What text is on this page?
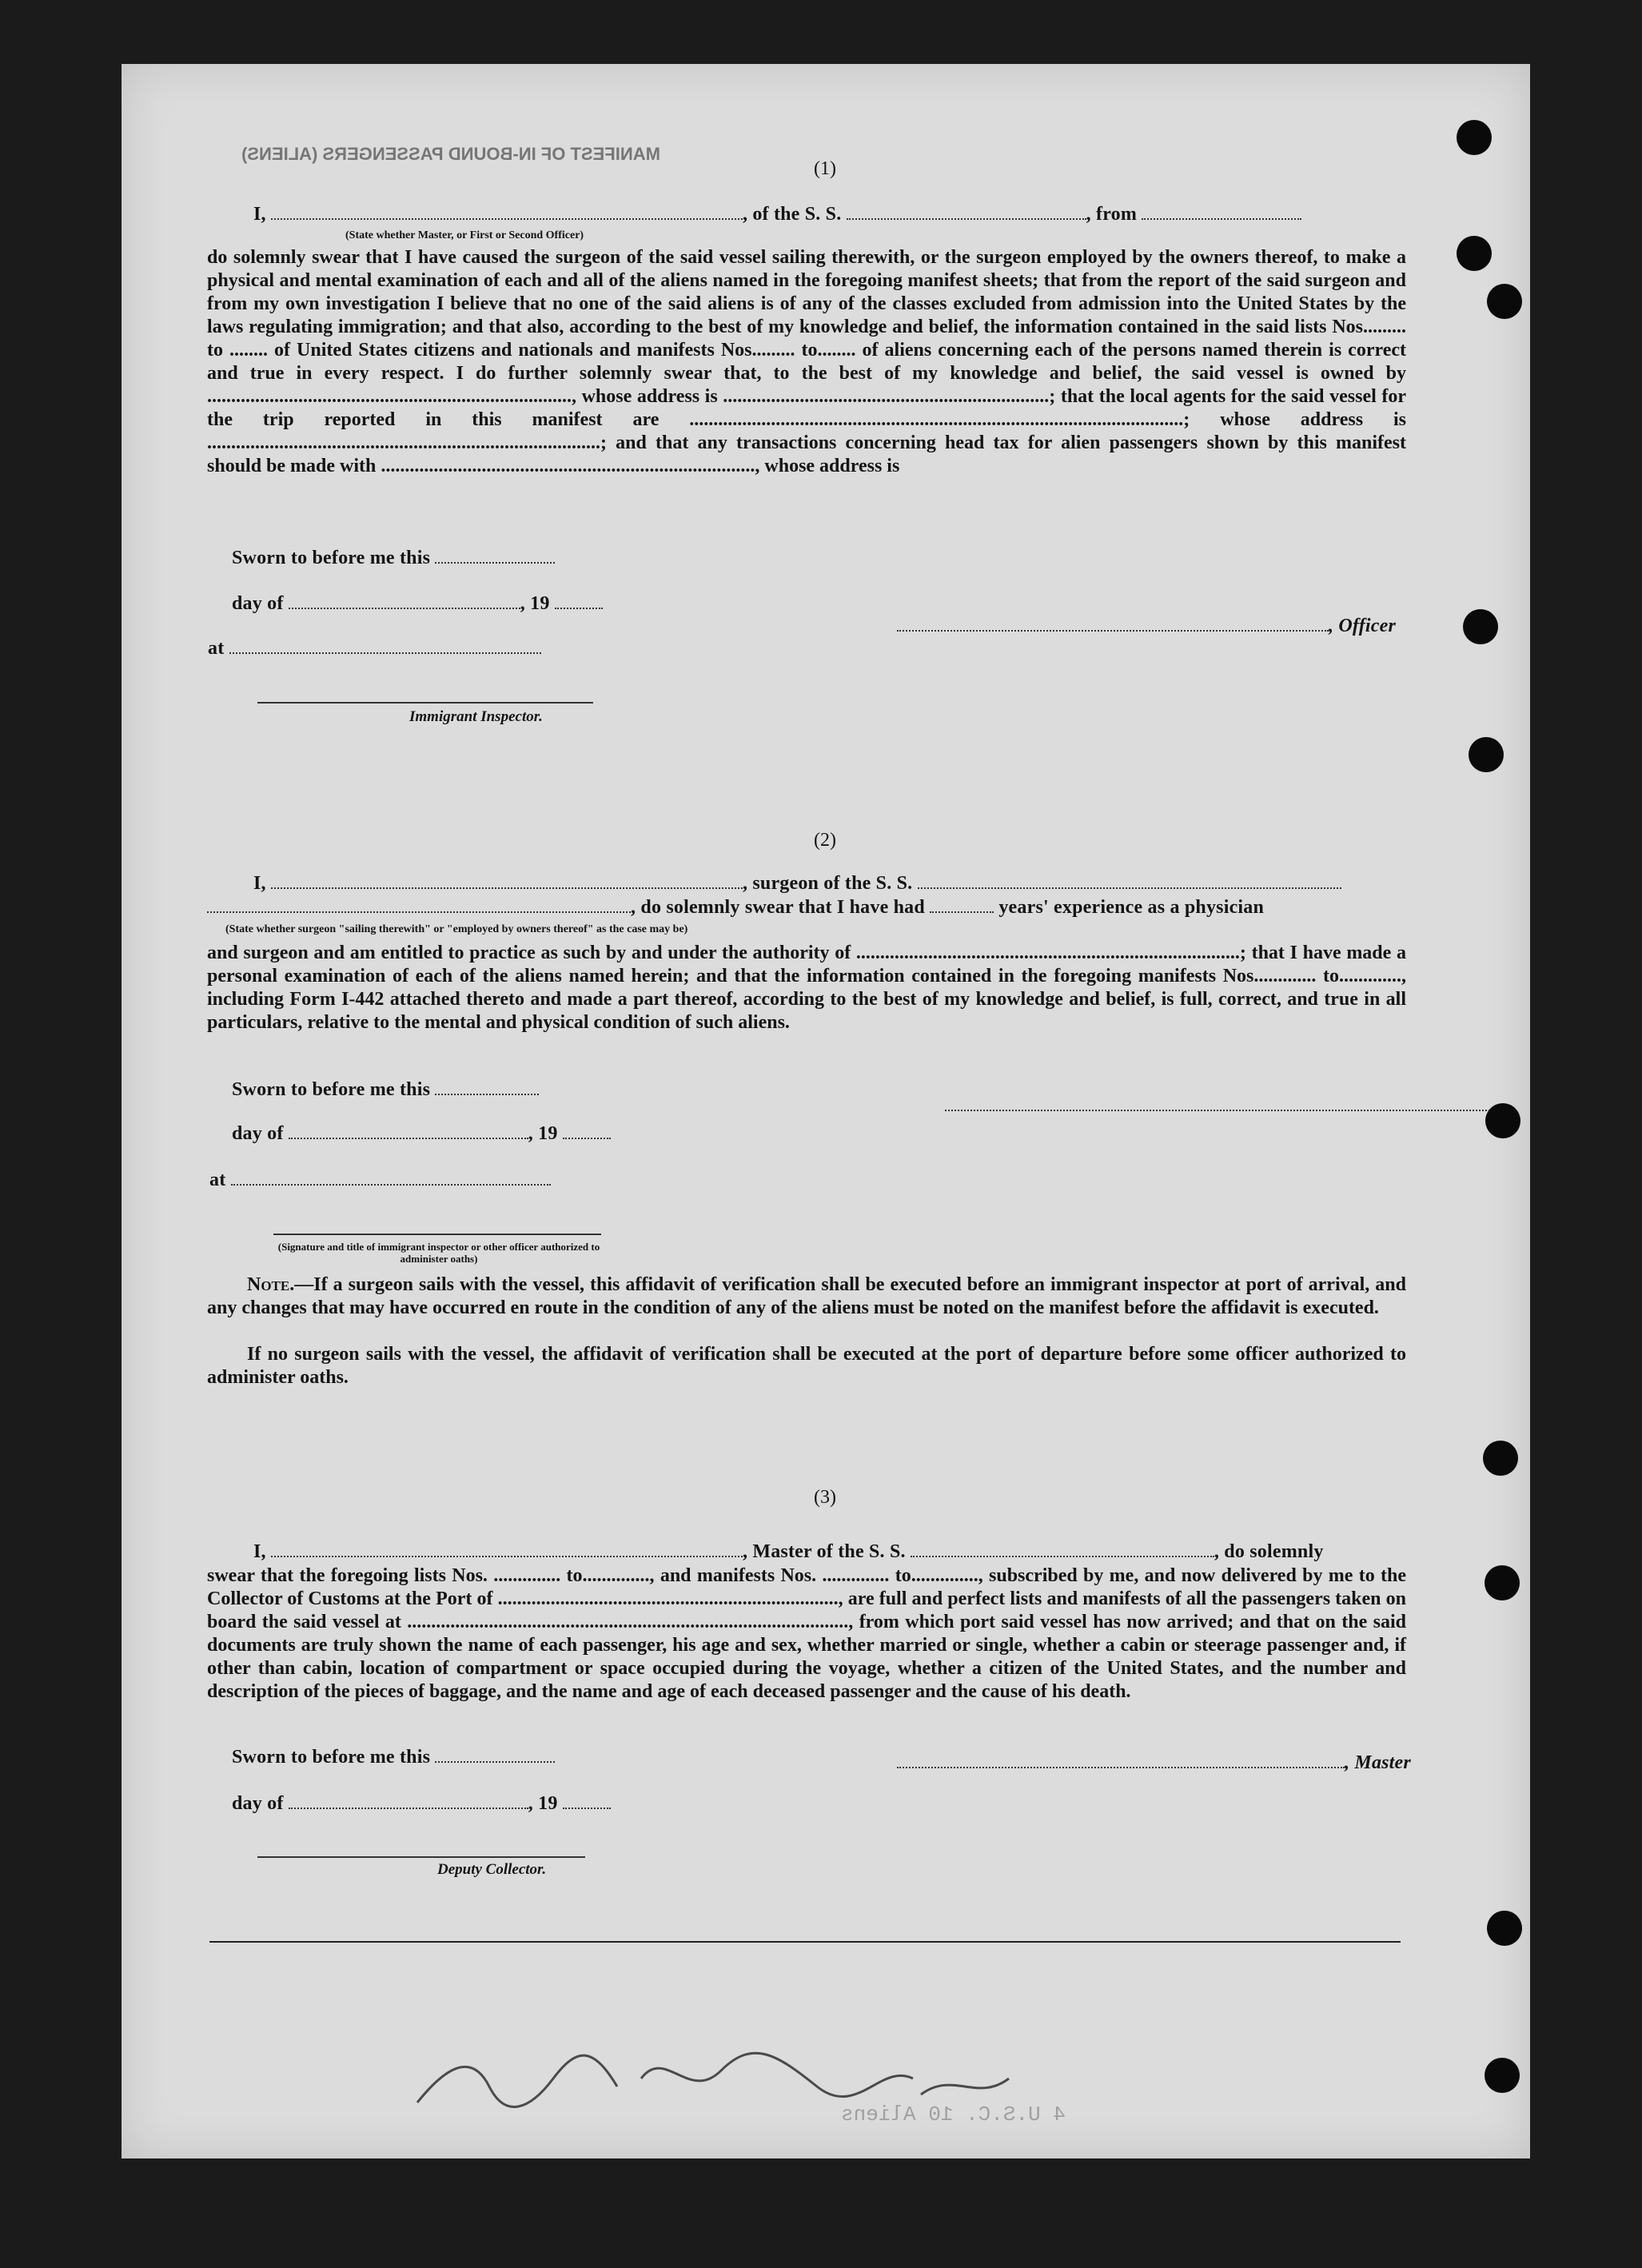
MANIFEST OF IN-BOUND PASSENGERS (ALIENS)
(1)
I,	, of the S. S.	, from
(State whether Master, or First or Second Officer)
do solemnly swear that I have caused the surgeon of the said vessel sailing therewith, or the surgeon employed by the owners thereof, to make a physical and mental examination of each and all of the aliens named in the foregoing manifest sheets; that from the report of the said surgeon and from my own investigation I believe that no one of the said aliens is of any of the classes excluded from admission into the United States by the laws regulating immigration; and that also, according to the best of my knowledge and belief, the information contained in the said lists Nos......... to ........ of United States citizens and nationals and manifests Nos......... to........ of aliens concerning each of the persons named therein is correct and true in every respect. I do further solemnly swear that, to the best of my knowledge and belief, the said vessel is owned by ............................................................................, whose address is ....................................................................; that the local agents for the said vessel for the trip reported in this manifest are .......................................................................................................; whose address is ..................................................................................; and that any transactions concerning head tax for alien passengers shown by this manifest should be made with .............................................................................., whose address is
Sworn to before me this
day of	, 19
at
, Officer
Immigrant Inspector.
(2)
I,	, surgeon of the S. S.
, do solemnly swear that I have had	years' experience as a physician
(State whether surgeon "sailing therewith" or "employed by owners thereof" as the case may be)
and surgeon and am entitled to practice as such by and under the authority of ................................................................................; that I have made a personal examination of each of the aliens named herein; and that the information contained in the foregoing manifests Nos............. to............., including Form I-442 attached thereto and made a part thereof, according to the best of my knowledge and belief, is full, correct, and true in all particulars, relative to the mental and physical condition of such aliens.
Sworn to before me this
day of	, 19
at
(Signature and title of immigrant inspector or other officer authorized to administer oaths)
Note.—If a surgeon sails with the vessel, this affidavit of verification shall be executed before an immigrant inspector at port of arrival, and any changes that may have occurred en route in the condition of any of the aliens must be noted on the manifest before the affidavit is executed.
If no surgeon sails with the vessel, the affidavit of verification shall be executed at the port of departure before some officer authorized to administer oaths.
(3)
I,	, Master of the S. S.	, do solemnly
swear that the foregoing lists Nos. .............. to.............., and manifests Nos. .............. to.............., subscribed by me, and now delivered by me to the Collector of Customs at the Port of ......................................................................., are full and perfect lists and manifests of all the passengers taken on board the said vessel at ............................................................................................, from which port said vessel has now arrived; and that on the said documents are truly shown the name of each passenger, his age and sex, whether married or single, whether a cabin or steerage passenger and, if other than cabin, location of compartment or space occupied during the voyage, whether a citizen of the United States, and the number and description of the pieces of baggage, and the name and age of each deceased passenger and the cause of his death.
Sworn to before me this	, Master
day of	, 19
Deputy Collector.
4 U.S.C. 10 Aliens
